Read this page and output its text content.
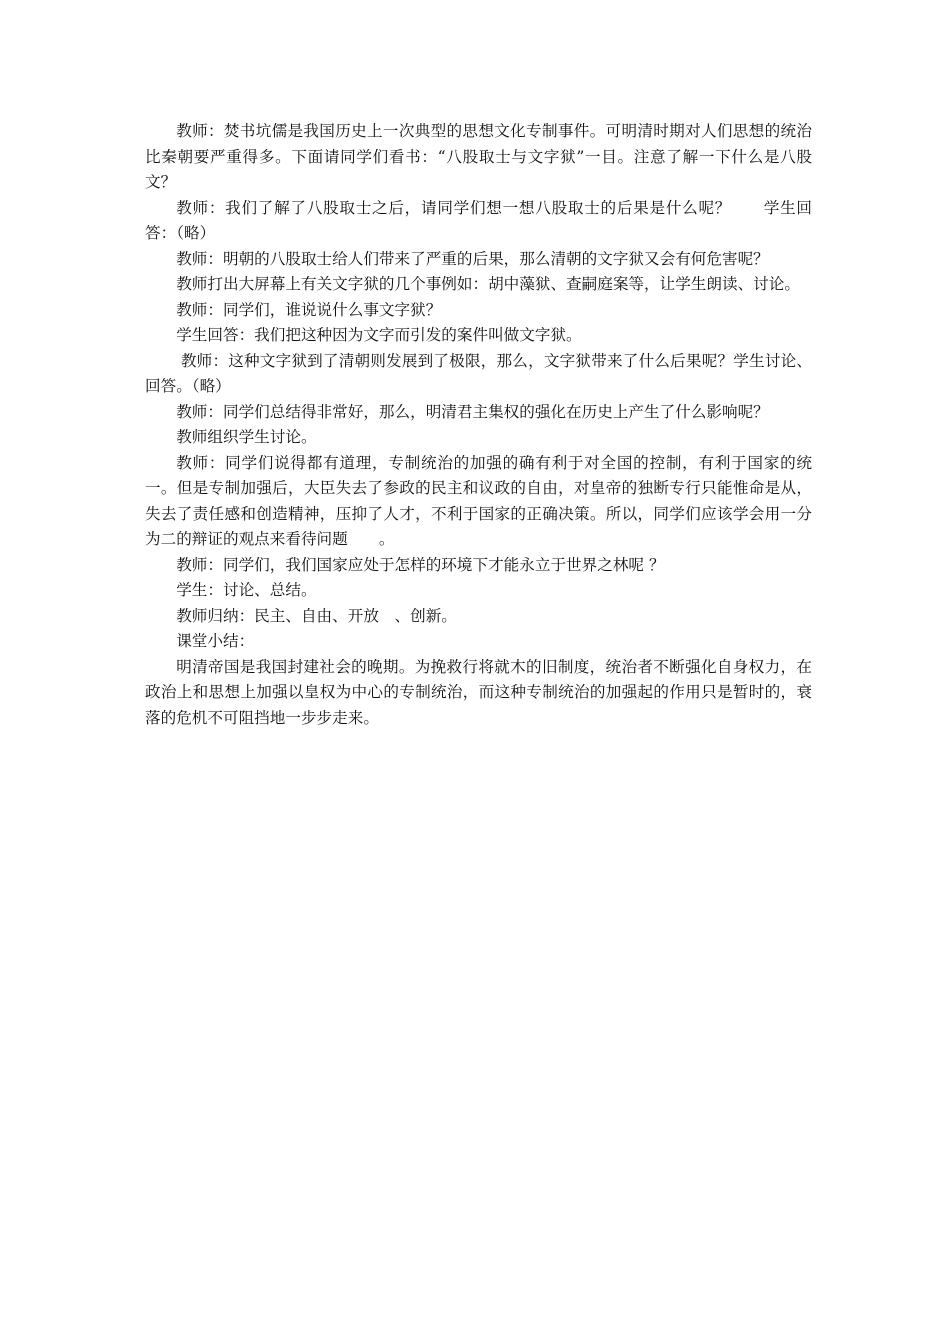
教师：焚书坑儒是我国历史上一次典型的思想文化专制事件。可明清时期对人们思想的统治比秦朝要严重得多。下面请同学们看书：“八股取士与文字狱”一目。注意了解一下什么是八股文？

教师：我们了解了八股取士之后，请同学们想一想八股取士的后果是什么呢？　　学生回答：（略）

教师：明朝的八股取士给人们带来了严重的后果，那么清朝的文字狱又会有何危害呢？

教师打出大屏幕上有关文字狱的几个事例如：胡中藻狱、查嗣庭案等，让学生朗读、讨论。

教师：同学们，谁说说什么事文字狱？

学生回答：我们把这种因为文字而引发的案件叫做文字狱。

教师：这种文字狱到了清朝则发展到了极限，那么，文字狱带来了什么后果呢？学生讨论、回答。（略）

教师：同学们总结得非常好，那么，明清君主集权的强化在历史上产生了什么影响呢？

教师组织学生讨论。

教师：同学们说得都有道理，专制统治的加强的确有利于对全国的控制，有利于国家的统一。但是专制加强后，大臣失去了参政的民主和议政的自由，对皇帝的独断专行只能惟命是从，失去了责任感和创造精神，压抑了人才，不利于国家的正确决策。所以，同学们应该学会用一分为二的辩证的观点来看待问题　　。

教师：同学们，我们国家应处于怎样的环境下才能永立于世界之林呢 ？

学生：讨论、总结。

教师归纳：民主、自由、开放　、创新。

课堂小结：

明清帝国是我国封建社会的晚期。为挽救行将就木的旧制度，统治者不断强化自身权力，在政治上和思想上加强以皇权为中心的专制统治，而这种专制统治的加强起的作用只是暂时的，衰落的危机不可阻挡地一步步走来。
